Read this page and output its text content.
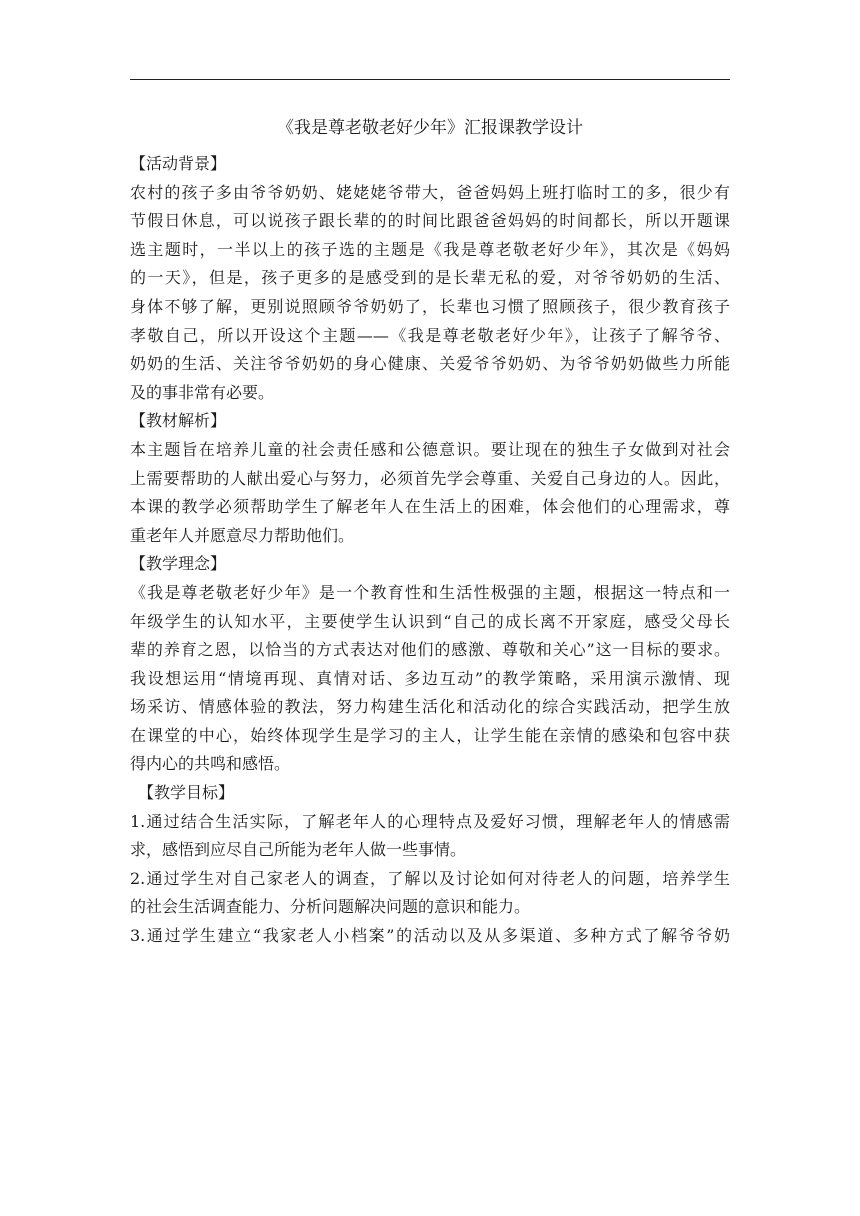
《我是尊老敬老好少年》汇报课教学设计
【活动背景】
农村的孩子多由爷爷奶奶、姥姥姥爷带大，爸爸妈妈上班打临时工的多，很少有
节假日休息，可以说孩子跟长辈的的时间比跟爸爸妈妈的时间都长，所以开题课
选主题时，一半以上的孩子选的主题是《我是尊老敬老好少年》，其次是《妈妈
的一天》，但是，孩子更多的是感受到的是长辈无私的爱，对爷爷奶奶的生活、
身体不够了解，更别说照顾爷爷奶奶了，长辈也习惯了照顾孩子，很少教育孩子
孝敬自己，所以开设这个主题——《我是尊老敬老好少年》，让孩子了解爷爷、
奶奶的生活、关注爷爷奶奶的身心健康、关爱爷爷奶奶、为爷爷奶奶做些力所能
及的事非常有必要。
【教材解析】
本主题旨在培养儿童的社会责任感和公德意识。要让现在的独生子女做到对社会
上需要帮助的人献出爱心与努力，必须首先学会尊重、关爱自己身边的人。因此，
本课的教学必须帮助学生了解老年人在生活上的困难，体会他们的心理需求，尊
重老年人并愿意尽力帮助他们。
【教学理念】
《我是尊老敬老好少年》是一个教育性和生活性极强的主题，根据这一特点和一
年级学生的认知水平，主要使学生认识到“自己的成长离不开家庭，感受父母长
辈的养育之恩，以恰当的方式表达对他们的感激、尊敬和关心”这一目标的要求。
我设想运用“情境再现、真情对话、多边互动”的教学策略，采用演示激情、现
场采访、情感体验的教法，努力构建生活化和活动化的综合实践活动，把学生放
在课堂的中心，始终体现学生是学习的主人，让学生能在亲情的感染和包容中获
得内心的共鸣和感悟。
【教学目标】
1.通过结合生活实际，了解老年人的心理特点及爱好习惯，理解老年人的情感需
求，感悟到应尽自己所能为老年人做一些事情。
2.通过学生对自己家老人的调查，了解以及讨论如何对待老人的问题，培养学生
的社会生活调查能力、分析问题解决问题的意识和能力。
3.通过学生建立“我家老人小档案”的活动以及从多渠道、多种方式了解爷爷奶
